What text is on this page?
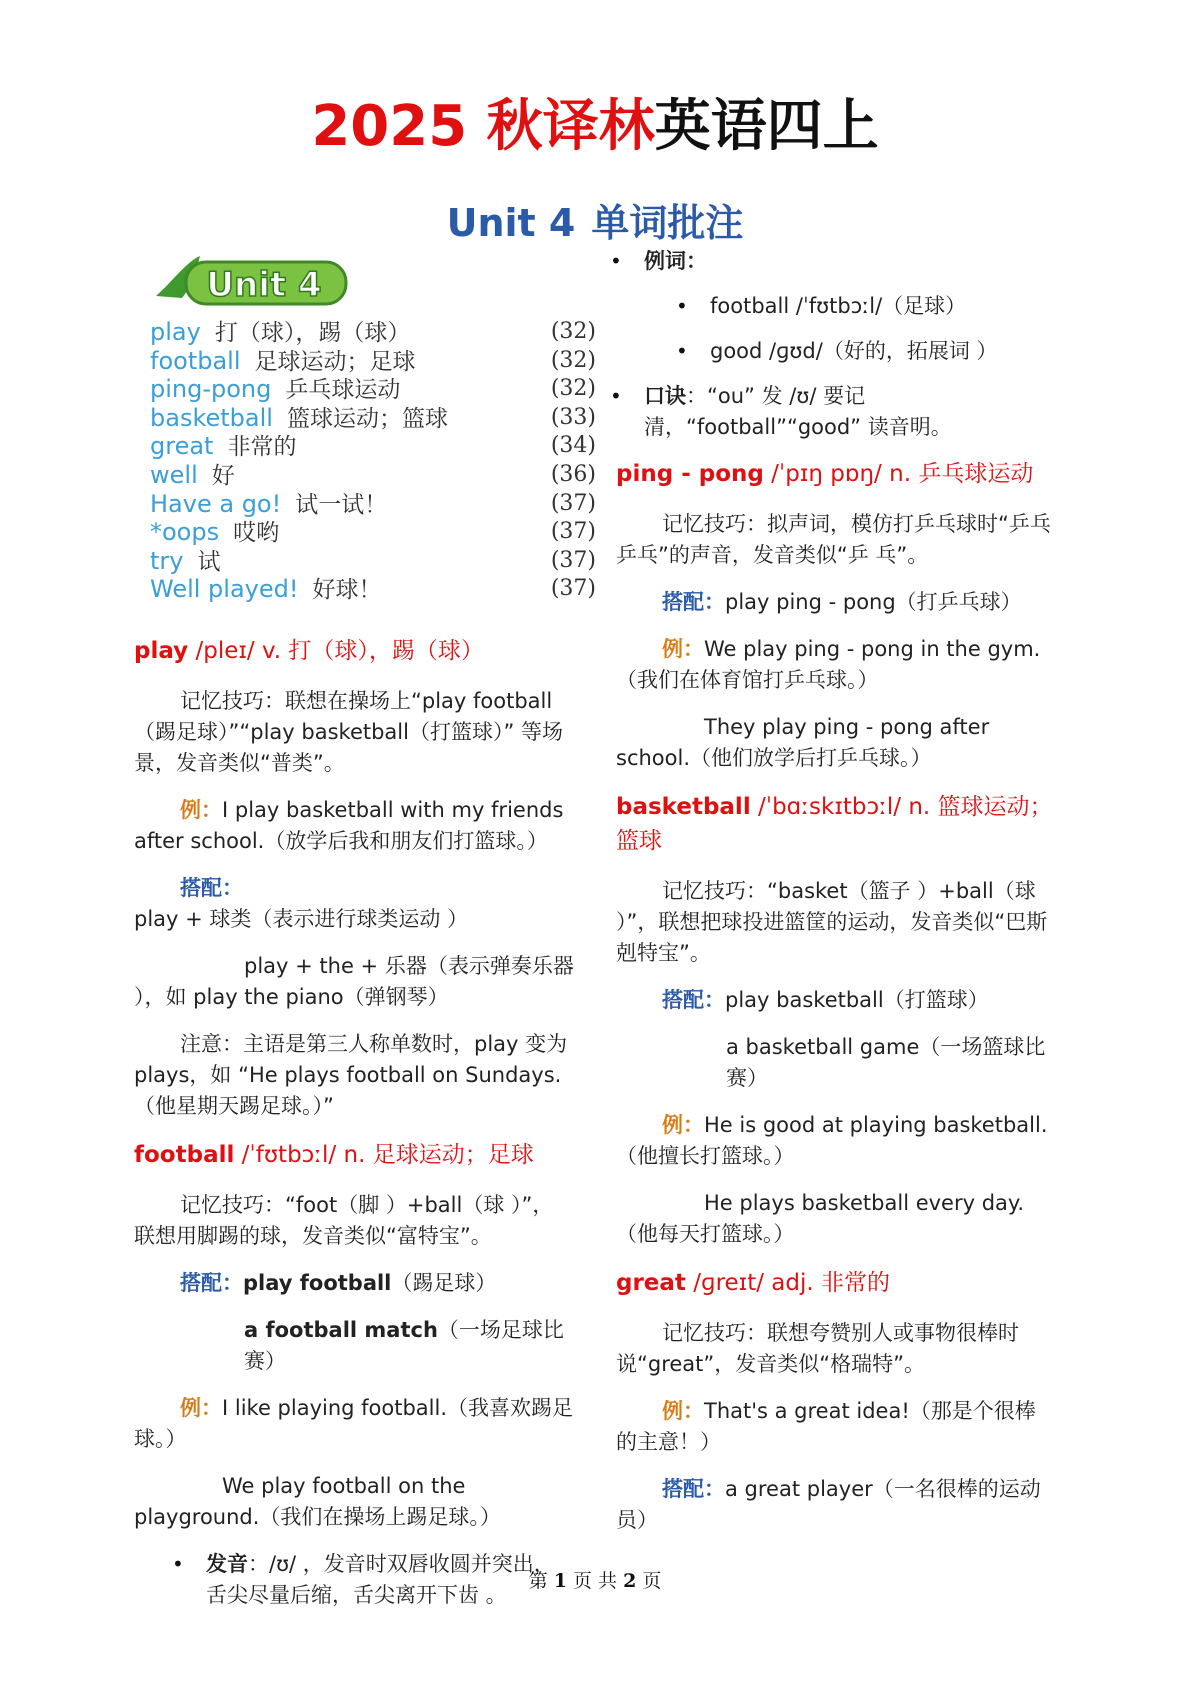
2025 秋译林英语四上
Unit 4 单词批注
Unit 4
play 打（球），踢（球）	(32)
football 足球运动；足球	(32)
ping-pong 乒乓球运动	(32)
basketball 篮球运动；篮球	(33)
great 非常的	(34)
well 好	(36)
Have a go! 试一试！	(37)
*oops 哎哟	(37)
try 试	(37)
Well played! 好球！	(37)

play /pleɪ/ v. 打（球），踢（球）

记忆技巧：联想在操场上“play football（踢足球）”“play basketball（打篮球）” 等场景，发音类似“普类”。

例：I play basketball with my friends after school.（放学后我和朋友们打篮球。）

搭配：play + 球类（表示进行球类运动 ）

play + the + 乐器（表示弹奏乐器 ），如 play the piano（弹钢琴）

注意：主语是第三人称单数时，play 变为 plays，如 “He plays football on Sundays.（他星期天踢足球。）”

football /ˈfʊtbɔːl/ n. 足球运动；足球

记忆技巧：“foot（脚 ）+ball（球 ）”，联想用脚踢的球，发音类似“富特宝”。

搭配：play football（踢足球）

a football match（一场足球比赛）

例：I like playing football.（我喜欢踢足球。）

We play football on the playground.（我们在操场上踢足球。）

• 发音：/ʊ/ ，发音时双唇收圆并突出，舌尖尽量后缩，舌尖离开下齿 。
• 例词：
• football /ˈfʊtbɔːl/（足球）
• good /ɡʊd/（好的，拓展词 ）
• 口诀：“ou” 发 /ʊ/ 要记清，“football”“good” 读音明。

ping - pong /ˈpɪŋ pɒŋ/ n. 乒乓球运动

记忆技巧：拟声词，模仿打乒乓球时“乒乓乒乓”的声音，发音类似“乒 乓”。

搭配：play ping - pong（打乒乓球）

例：We play ping - pong in the gym.（我们在体育馆打乒乓球。）

They play ping - pong after school.（他们放学后打乒乓球。）

basketball /ˈbɑːskɪtbɔːl/ n. 篮球运动；篮球

记忆技巧：“basket（篮子 ）+ball（球 ）”，联想把球投进篮筐的运动，发音类似“巴斯剋特宝”。

搭配：play basketball（打篮球）

a basketball game（一场篮球比赛）

例：He is good at playing basketball.（他擅长打篮球。）

He plays basketball every day.（他每天打篮球。）

great /ɡreɪt/ adj. 非常的

记忆技巧：联想夸赞别人或事物很棒时说“great”，发音类似“格瑞特”。

例：That's a great idea!（那是个很棒的主意！）

搭配：a great player（一名很棒的运动员）

第 1 页 共 2 页
